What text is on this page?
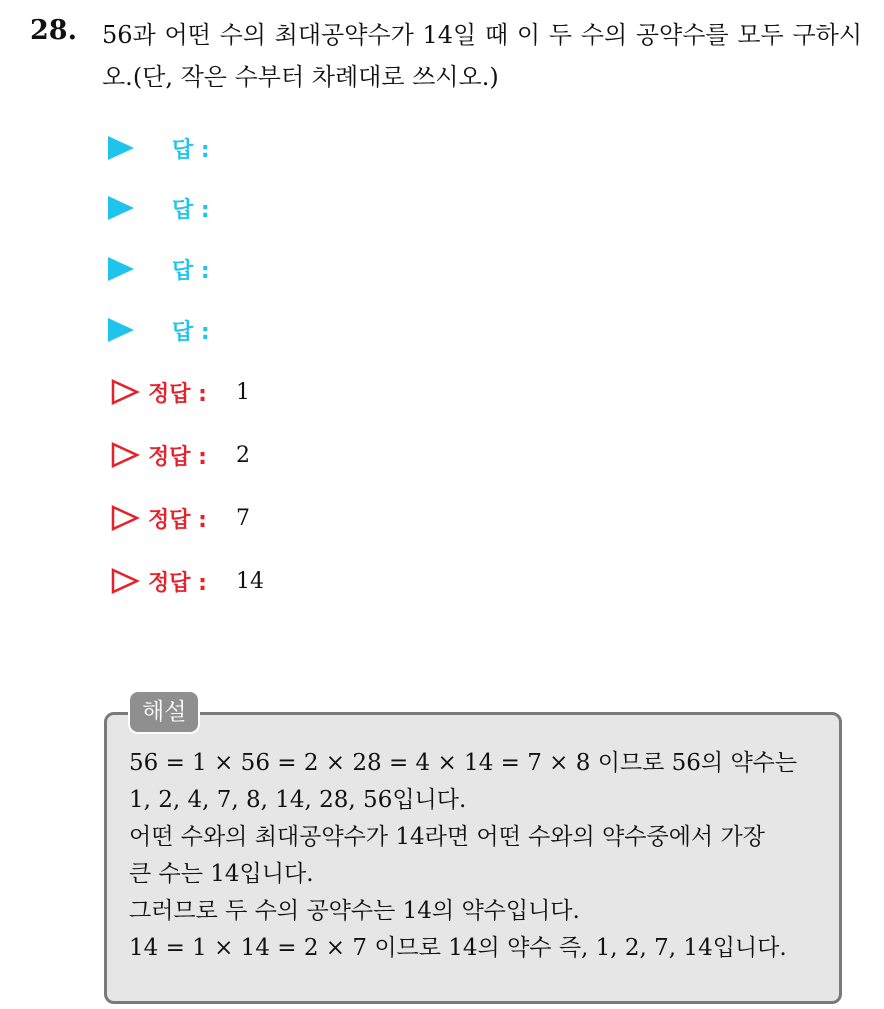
28. 56과 어떤 수의 최대공약수가 14일 때 이 두 수의 공약수를 모두 구하시오.(단, 작은 수부터 차례대로 쓰시오.)
답 :
답 :
답 :
답 :
정답 :	1
정답 :	2
정답 :	7
정답 :	14
56 = 1 × 56 = 2 × 28 = 4 × 14 = 7 × 8 이므로 56의 약수는
1, 2, 4, 7, 8, 14, 28, 56입니다.
어떤 수와의 최대공약수가 14라면 어떤 수와의 약수중에서 가장
큰 수는 14입니다.
그러므로 두 수의 공약수는 14의 약수입니다.
14 = 1 × 14 = 2 × 7 이므로 14의 약수 즉, 1, 2, 7, 14입니다.
해설
